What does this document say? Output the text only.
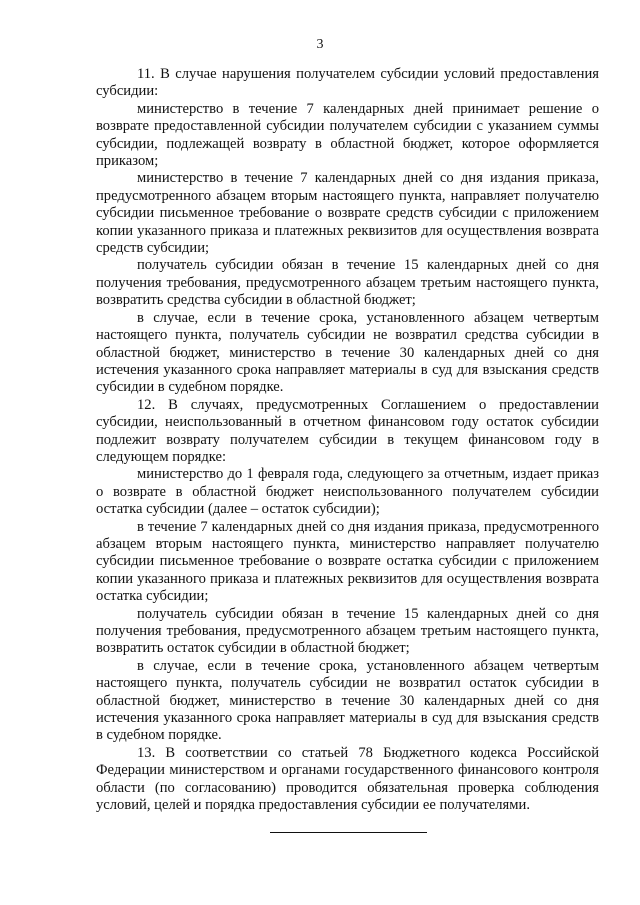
3

11. В случае нарушения получателем субсидии условий предоставления субсидии:

министерство в течение 7 календарных дней принимает решение о возврате предоставленной субсидии получателем субсидии с указанием суммы субсидии, подлежащей возврату в областной бюджет, которое оформляется приказом;

министерство в течение 7 календарных дней со дня издания приказа, предусмотренного абзацем вторым настоящего пункта, направляет получателю субсидии письменное требование о возврате средств субсидии с приложением копии указанного приказа и платежных реквизитов для осуществления возврата средств субсидии;

получатель субсидии обязан в течение 15 календарных дней со дня получения требования, предусмотренного абзацем третьим настоящего пункта, возвратить средства субсидии в областной бюджет;

в случае, если в течение срока, установленного абзацем четвертым настоящего пункта, получатель субсидии не возвратил средства субсидии в областной бюджет, министерство в течение 30 календарных дней со дня истечения указанного срока направляет материалы в суд для взыскания средств субсидии в судебном порядке.

12. В случаях, предусмотренных Соглашением о предоставлении субсидии, неиспользованный в отчетном финансовом году остаток субсидии подлежит возврату получателем субсидии в текущем финансовом году в следующем порядке:

министерство до 1 февраля года, следующего за отчетным, издает приказ о возврате в областной бюджет неиспользованного получателем субсидии остатка субсидии (далее – остаток субсидии);

в течение 7 календарных дней со дня издания приказа, предусмотренного абзацем вторым настоящего пункта, министерство направляет получателю субсидии письменное требование о возврате остатка субсидии с приложением копии указанного приказа и платежных реквизитов для осуществления возврата остатка субсидии;

получатель субсидии обязан в течение 15 календарных дней со дня получения требования, предусмотренного абзацем третьим настоящего пункта, возвратить остаток субсидии в областной бюджет;

в случае, если в течение срока, установленного абзацем четвертым настоящего пункта, получатель субсидии не возвратил остаток субсидии в областной бюджет, министерство в течение 30 календарных дней со дня истечения указанного срока направляет материалы в суд для взыскания средств в судебном порядке.

13. В соответствии со статьей 78 Бюджетного кодекса Российской Федерации министерством и органами государственного финансового контроля области (по согласованию) проводится обязательная проверка соблюдения условий, целей и порядка предоставления субсидии ее получателями.
